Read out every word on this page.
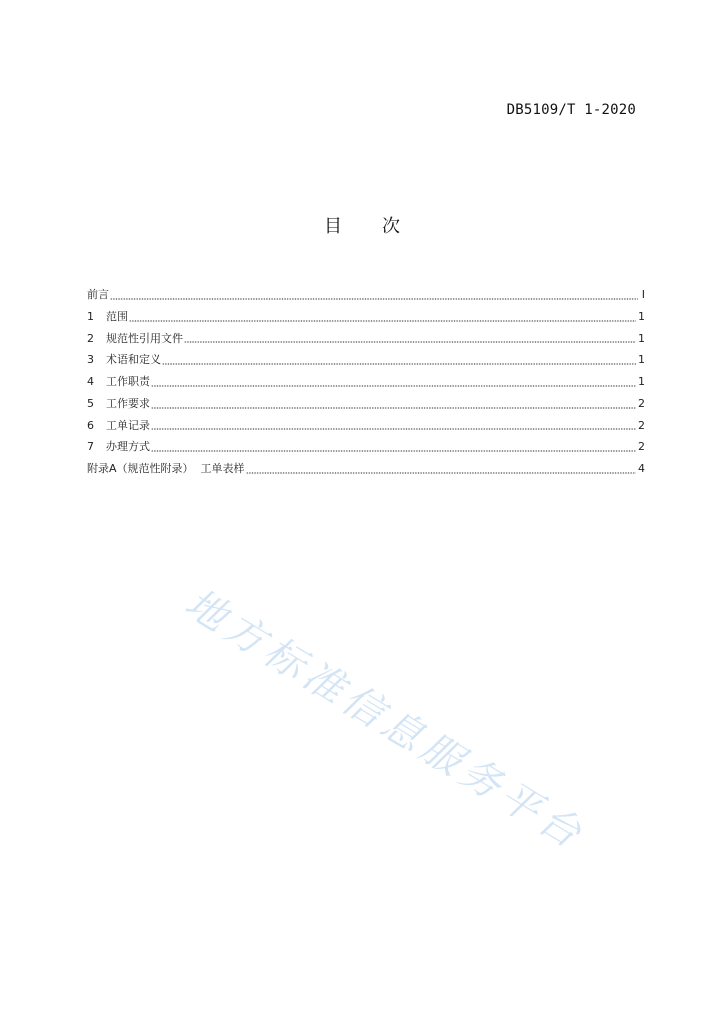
DB5109/T 1-2020
目 次
前言	I
1	范围	1
2	规范性引用文件	1
3	术语和定义	1
4	工作职责	1
5	工作要求	2
6	工单记录	2
7	办理方式	2
附录A（规范性附录）  工单表样	4
地方标准信息服务平台
